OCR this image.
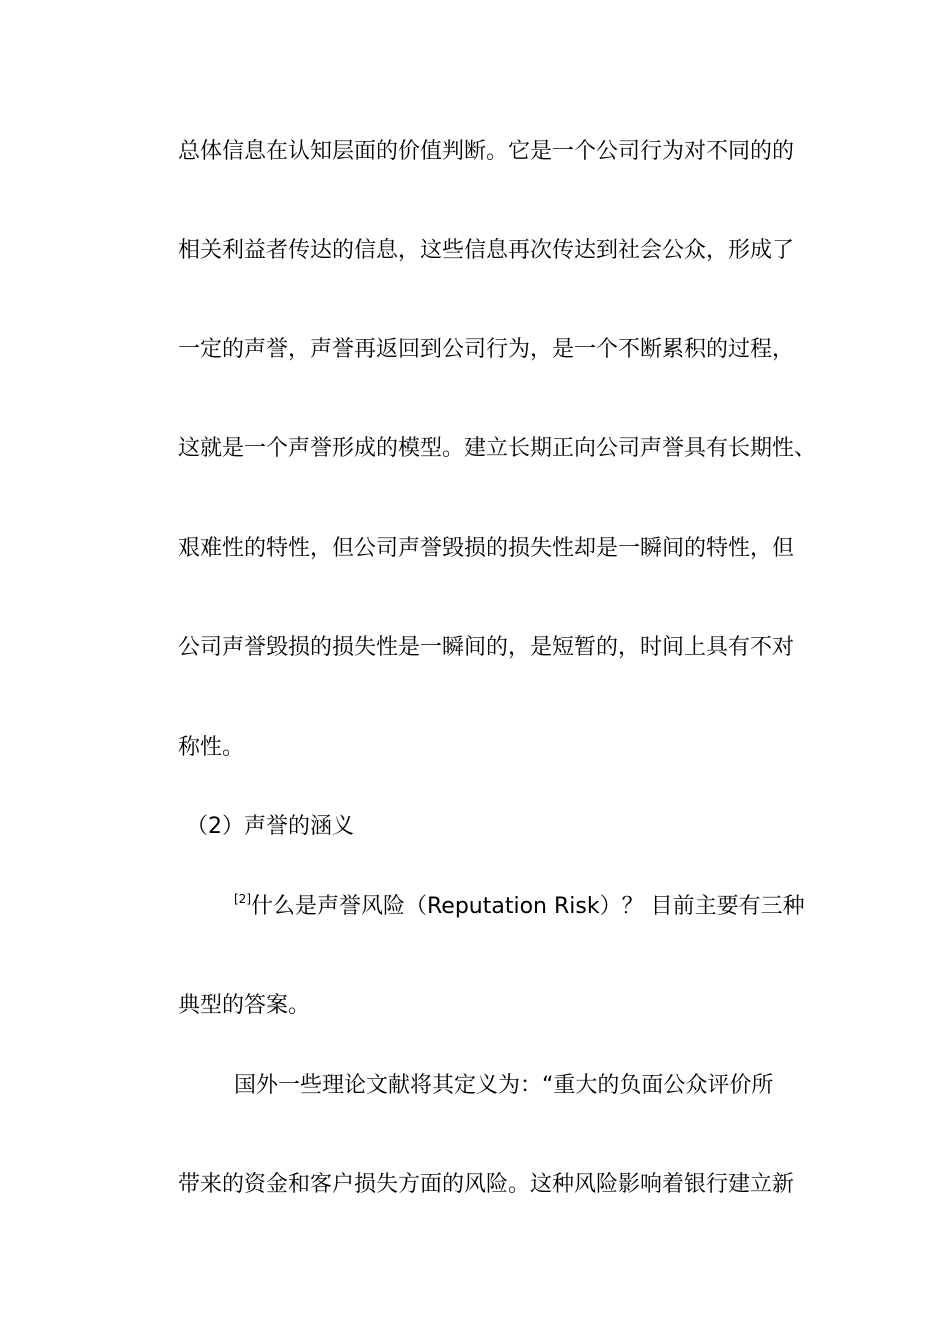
总体信息在认知层面的价值判断。它是一个公司行为对不同的的
相关利益者传达的信息，这些信息再次传达到社会公众，形成了
一定的声誉，声誉再返回到公司行为，是一个不断累积的过程，
这就是一个声誉形成的模型。建立长期正向公司声誉具有长期性、
艰难性的特性，但公司声誉毁损的损失性却是一瞬间的特性，但
公司声誉毁损的损失性是一瞬间的，是短暂的，时间上具有不对
称性。
（2）声誉的涵义
[2]什么是声誉风险（Reputation Risk）？ 目前主要有三种
典型的答案。
国外一些理论文献将其定义为：“重大的负面公众评价所
带来的资金和客户损失方面的风险。这种风险影响着银行建立新
